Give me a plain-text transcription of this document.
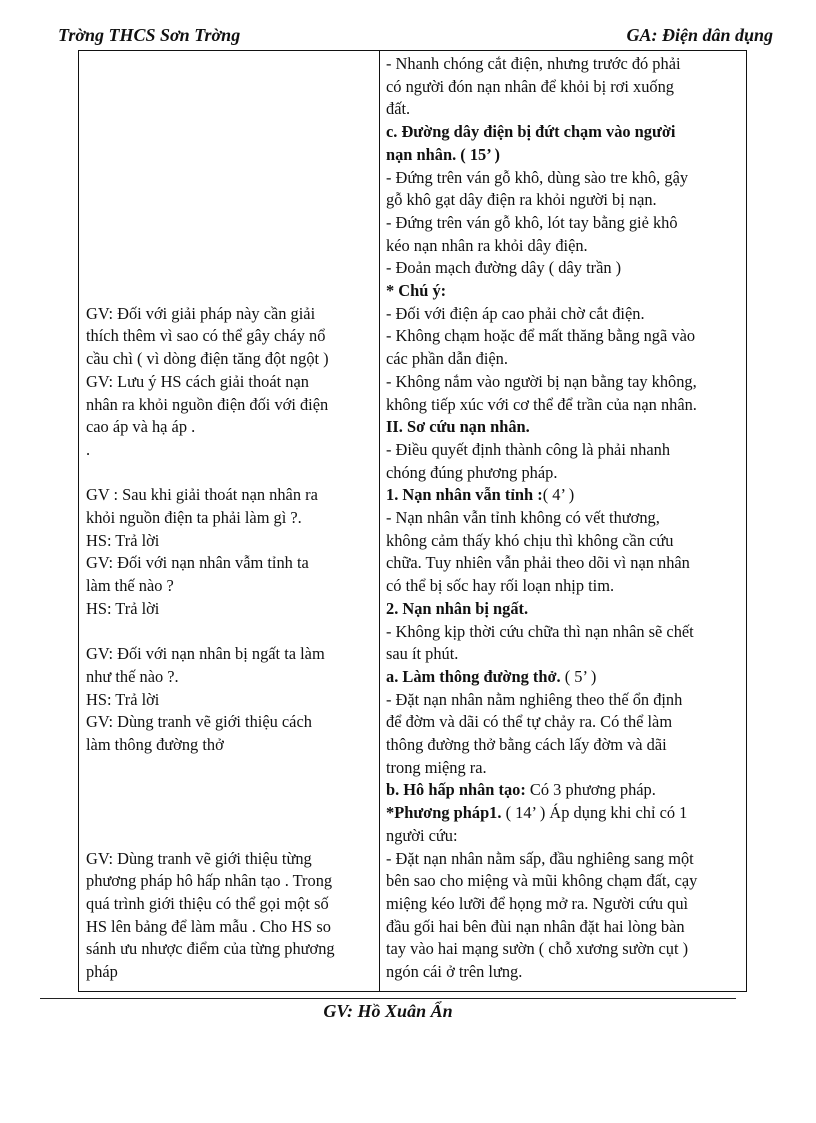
Trờng THCS Sơn Trờng	GA: Điện dân dụng
GV: Đối với giải pháp này cần giải
thích thêm vì sao có thể gây cháy nổ
cầu chì ( vì dòng điện tăng đột ngột )
GV: Lưu ý HS cách giải thoát nạn
nhân ra khỏi nguồn điện đối với điện
cao áp và hạ áp .
.
GV : Sau khi giải thoát nạn nhân ra
khỏi nguồn điện ta phải làm gì ?.
HS: Trả lời
GV: Đối với nạn nhân vẫm tỉnh ta
làm thế nào ?
HS: Trả lời
GV: Đối với nạn nhân bị ngất ta làm
như thế nào ?.
HS: Trả lời
GV: Dùng tranh vẽ giới thiệu cách
làm thông đường thở
GV: Dùng tranh vẽ giới thiệu từng
phương pháp hô hấp nhân tạo . Trong
quá trình giới thiệu có thể gọi một số
HS lên bảng để làm mẫu . Cho HS so
sánh ưu nhược điểm của từng phương
pháp
- Nhanh chóng cắt điện, nhưng trước đó phải
có người đón nạn nhân để khỏi bị rơi xuống
đất.
c. Đường dây điện bị đứt chạm vào người
nạn nhân. ( 15’ )
- Đứng trên ván gỗ khô, dùng sào tre khô, gậy
gỗ khô gạt dây điện ra khỏi người bị nạn.
- Đứng trên ván gỗ khô, lót tay bằng giẻ khô
kéo nạn nhân ra khỏi dây điện.
- Đoản mạch đường dây ( dây trần )
* Chú ý:
- Đối với điện áp cao phải chờ cắt điện.
- Không chạm hoặc để mất thăng bằng ngã vào
các phần dẫn điện.
- Không nắm vào người bị nạn bằng tay không,
không tiếp xúc với cơ thể để trần của nạn nhân.
II. Sơ cứu nạn nhân.
- Điều quyết định thành công là phải nhanh
chóng đúng phương pháp.
1. Nạn nhân vẫn tỉnh :( 4’ )
- Nạn nhân vẫn tỉnh không có vết thương,
không cảm thấy khó chịu thì không cần cứu
chữa. Tuy nhiên vẫn phải theo dõi vì nạn nhân
có thể bị sốc hay rối loạn nhịp tim.
2. Nạn nhân bị ngất.
- Không kịp thời cứu chữa thì nạn nhân sẽ chết
sau ít phút.
a. Làm thông đường thở. ( 5’ )
- Đặt nạn nhân nằm nghiêng theo thế ổn định
để đờm và dãi có thể tự chảy ra. Có thể làm
thông đường thở bằng cách lấy đờm và dãi
trong miệng ra.
b. Hô hấp nhân tạo: Có 3 phương pháp.
*Phương pháp1. ( 14’ ) Áp dụng khi chỉ có 1
người cứu:
- Đặt nạn nhân nằm sấp, đầu nghiêng sang một
bên sao cho miệng và mũi không chạm đất, cạy
miệng kéo lưỡi để họng mở ra. Người cứu quì
đầu gối hai bên đùi nạn nhân đặt hai lòng bàn
tay vào hai mạng sườn ( chỗ xương sườn cụt )
ngón cái ở trên lưng.
GV: Hồ Xuân Ẩn
